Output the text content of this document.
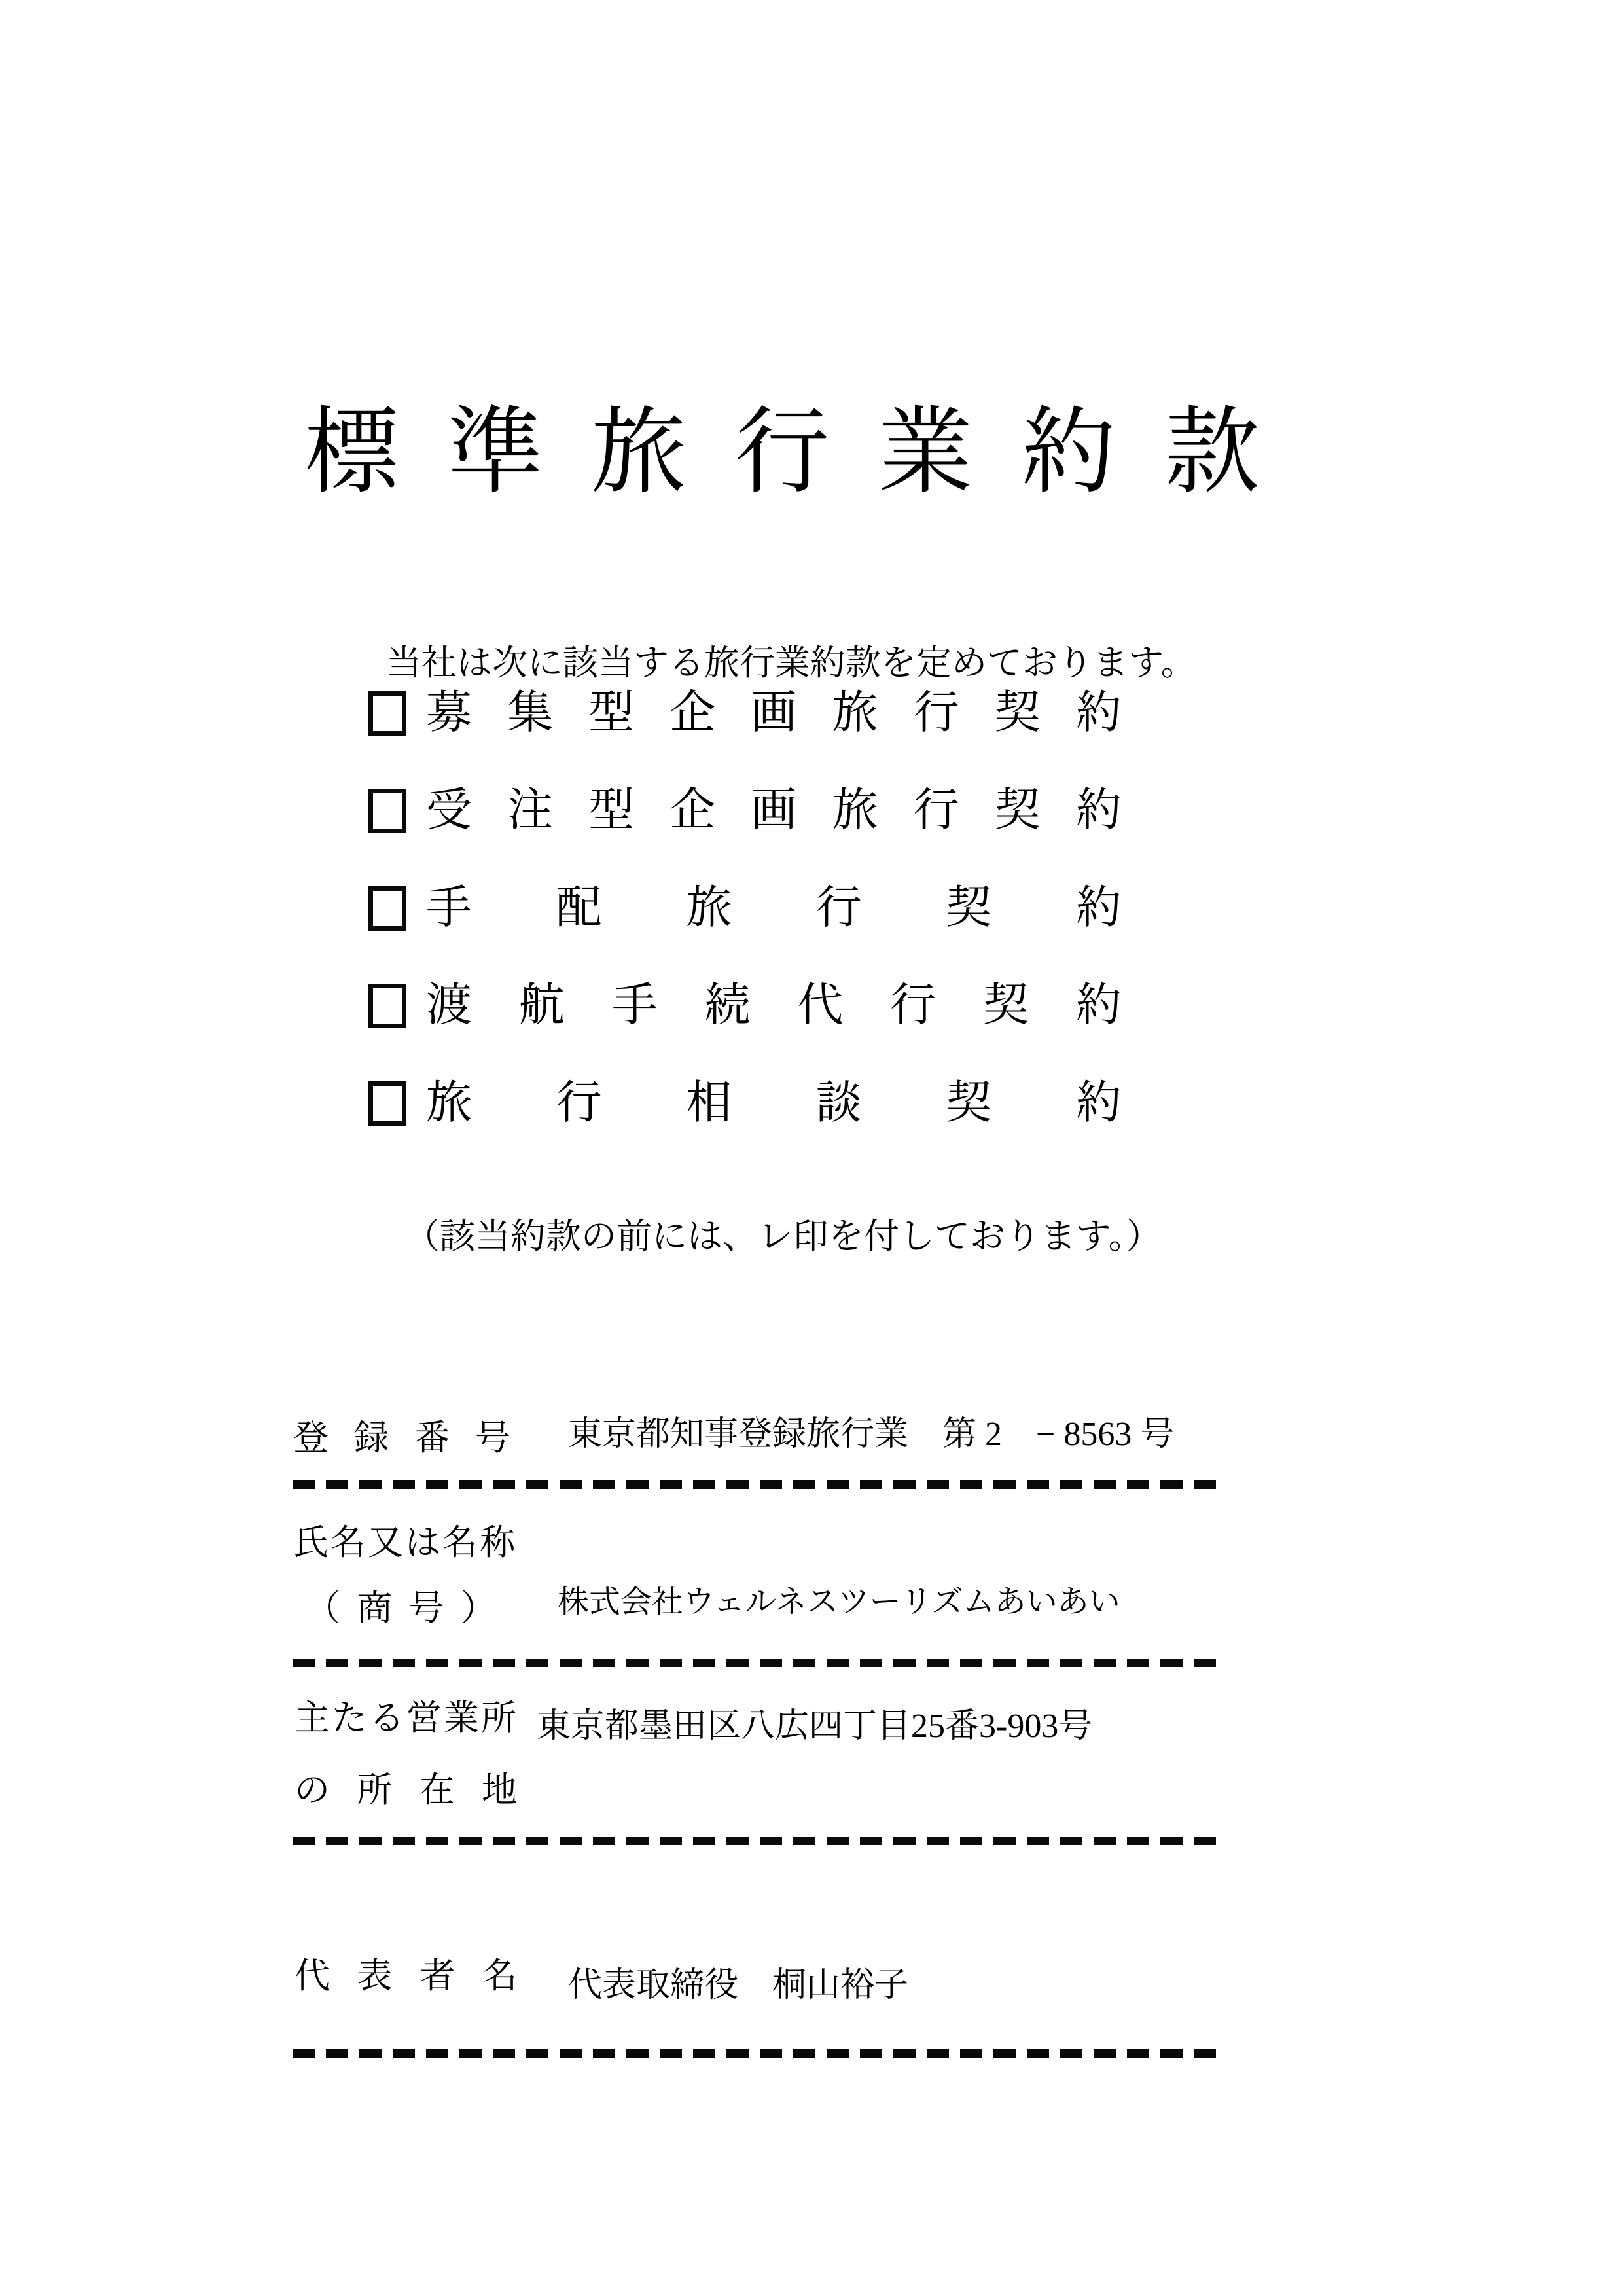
標 準 旅 行 業 約 款

当社は次に該当する旅行業約款を定めております。

募 集 型 企 画 旅 行 契 約
受 注 型 企 画 旅 行 契 約
手 配 旅 行 契 約
渡 航 手 続 代 行 契 約
旅 行 相 談 契 約

（該当約款の前には、レ印を付しております。）

登 録 番 号 東京都知事登録旅行業　第 2　− 8563 号
氏名又は名称
（ 商 号 ） 株式会社ウェルネスツーリズムあいあい
主たる営業所 東京都墨田区八広四丁目25番3-903号
の 所 在 地
代 表 者 名 代表取締役　桐山裕子
